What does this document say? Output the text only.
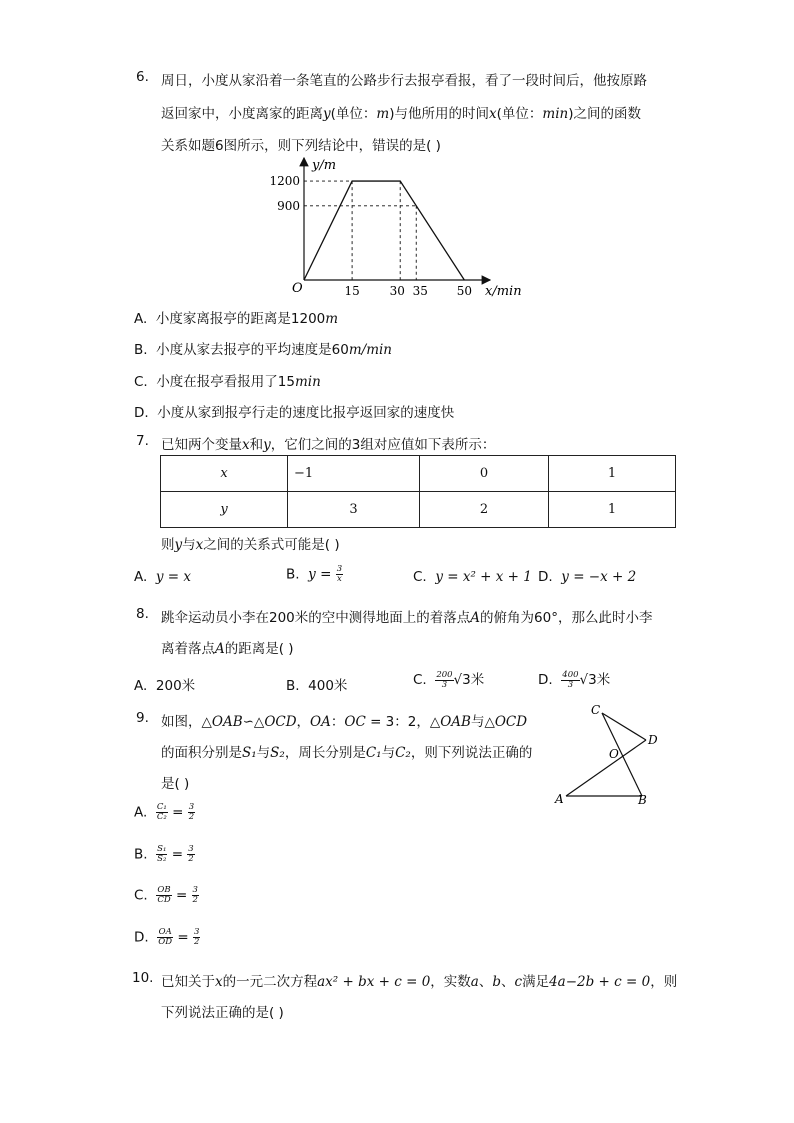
6. 周日，小度从家沿着一条笔直的公路步行去报亭看报，看了一段时间后，他按原路
返回家中，小度离家的距离y(单位：m)与他所用的时间x(单位：min)之间的函数
关系如题6图所示，则下列结论中，错误的是( )
15 30 35 50
1200
900
y/m
x/min
O
A. 小度家离报亭的距离是1200m
B. 小度从家去报亭的平均速度是60m/min
C. 小度在报亭看报用了15min
D. 小度从家到报亭行走的速度比报亭返回家的速度快
7. 已知两个变量x和y，它们之间的3组对应值如下表所示：
x	−1	0	1
y	3	2	1
则y与x之间的关系式可能是( )
A. y = x	B. $y = \frac{3}{x}$	C. y = x² + x + 1 D. y = −x + 2
8. 跳伞运动员小李在200米的空中测得地面上的着落点A的俯角为60°，那么此时小李
离着落点A的距离是( )
A. 200米	B. 400米	C. $\frac{200}{3} √3$米	D. $\frac{400}{3} √3$米
9. 如图，△OAB∽△OCD，OA：OC = 3：2，△OAB与△OCD
的面积分别是S₁与S₂，周长分别是C₁与C₂，则下列说法正确的
是( )
C
D
O
A	B
A. $\frac{\text{C₁}}{\text{C₂}} = \frac{3}{2}$
B. $\frac{\text{S₁}}{\text{S₂}} = \frac{3}{2}$
C. $\frac{OB}{CD} = \frac{3}{2}$
D. $\frac{OA}{OD} = \frac{3}{2}$
10. 已知关于x的一元二次方程ax² + bx + c = 0，实数a、b、c满足4a−2b + c = 0，则
下列说法正确的是( )
